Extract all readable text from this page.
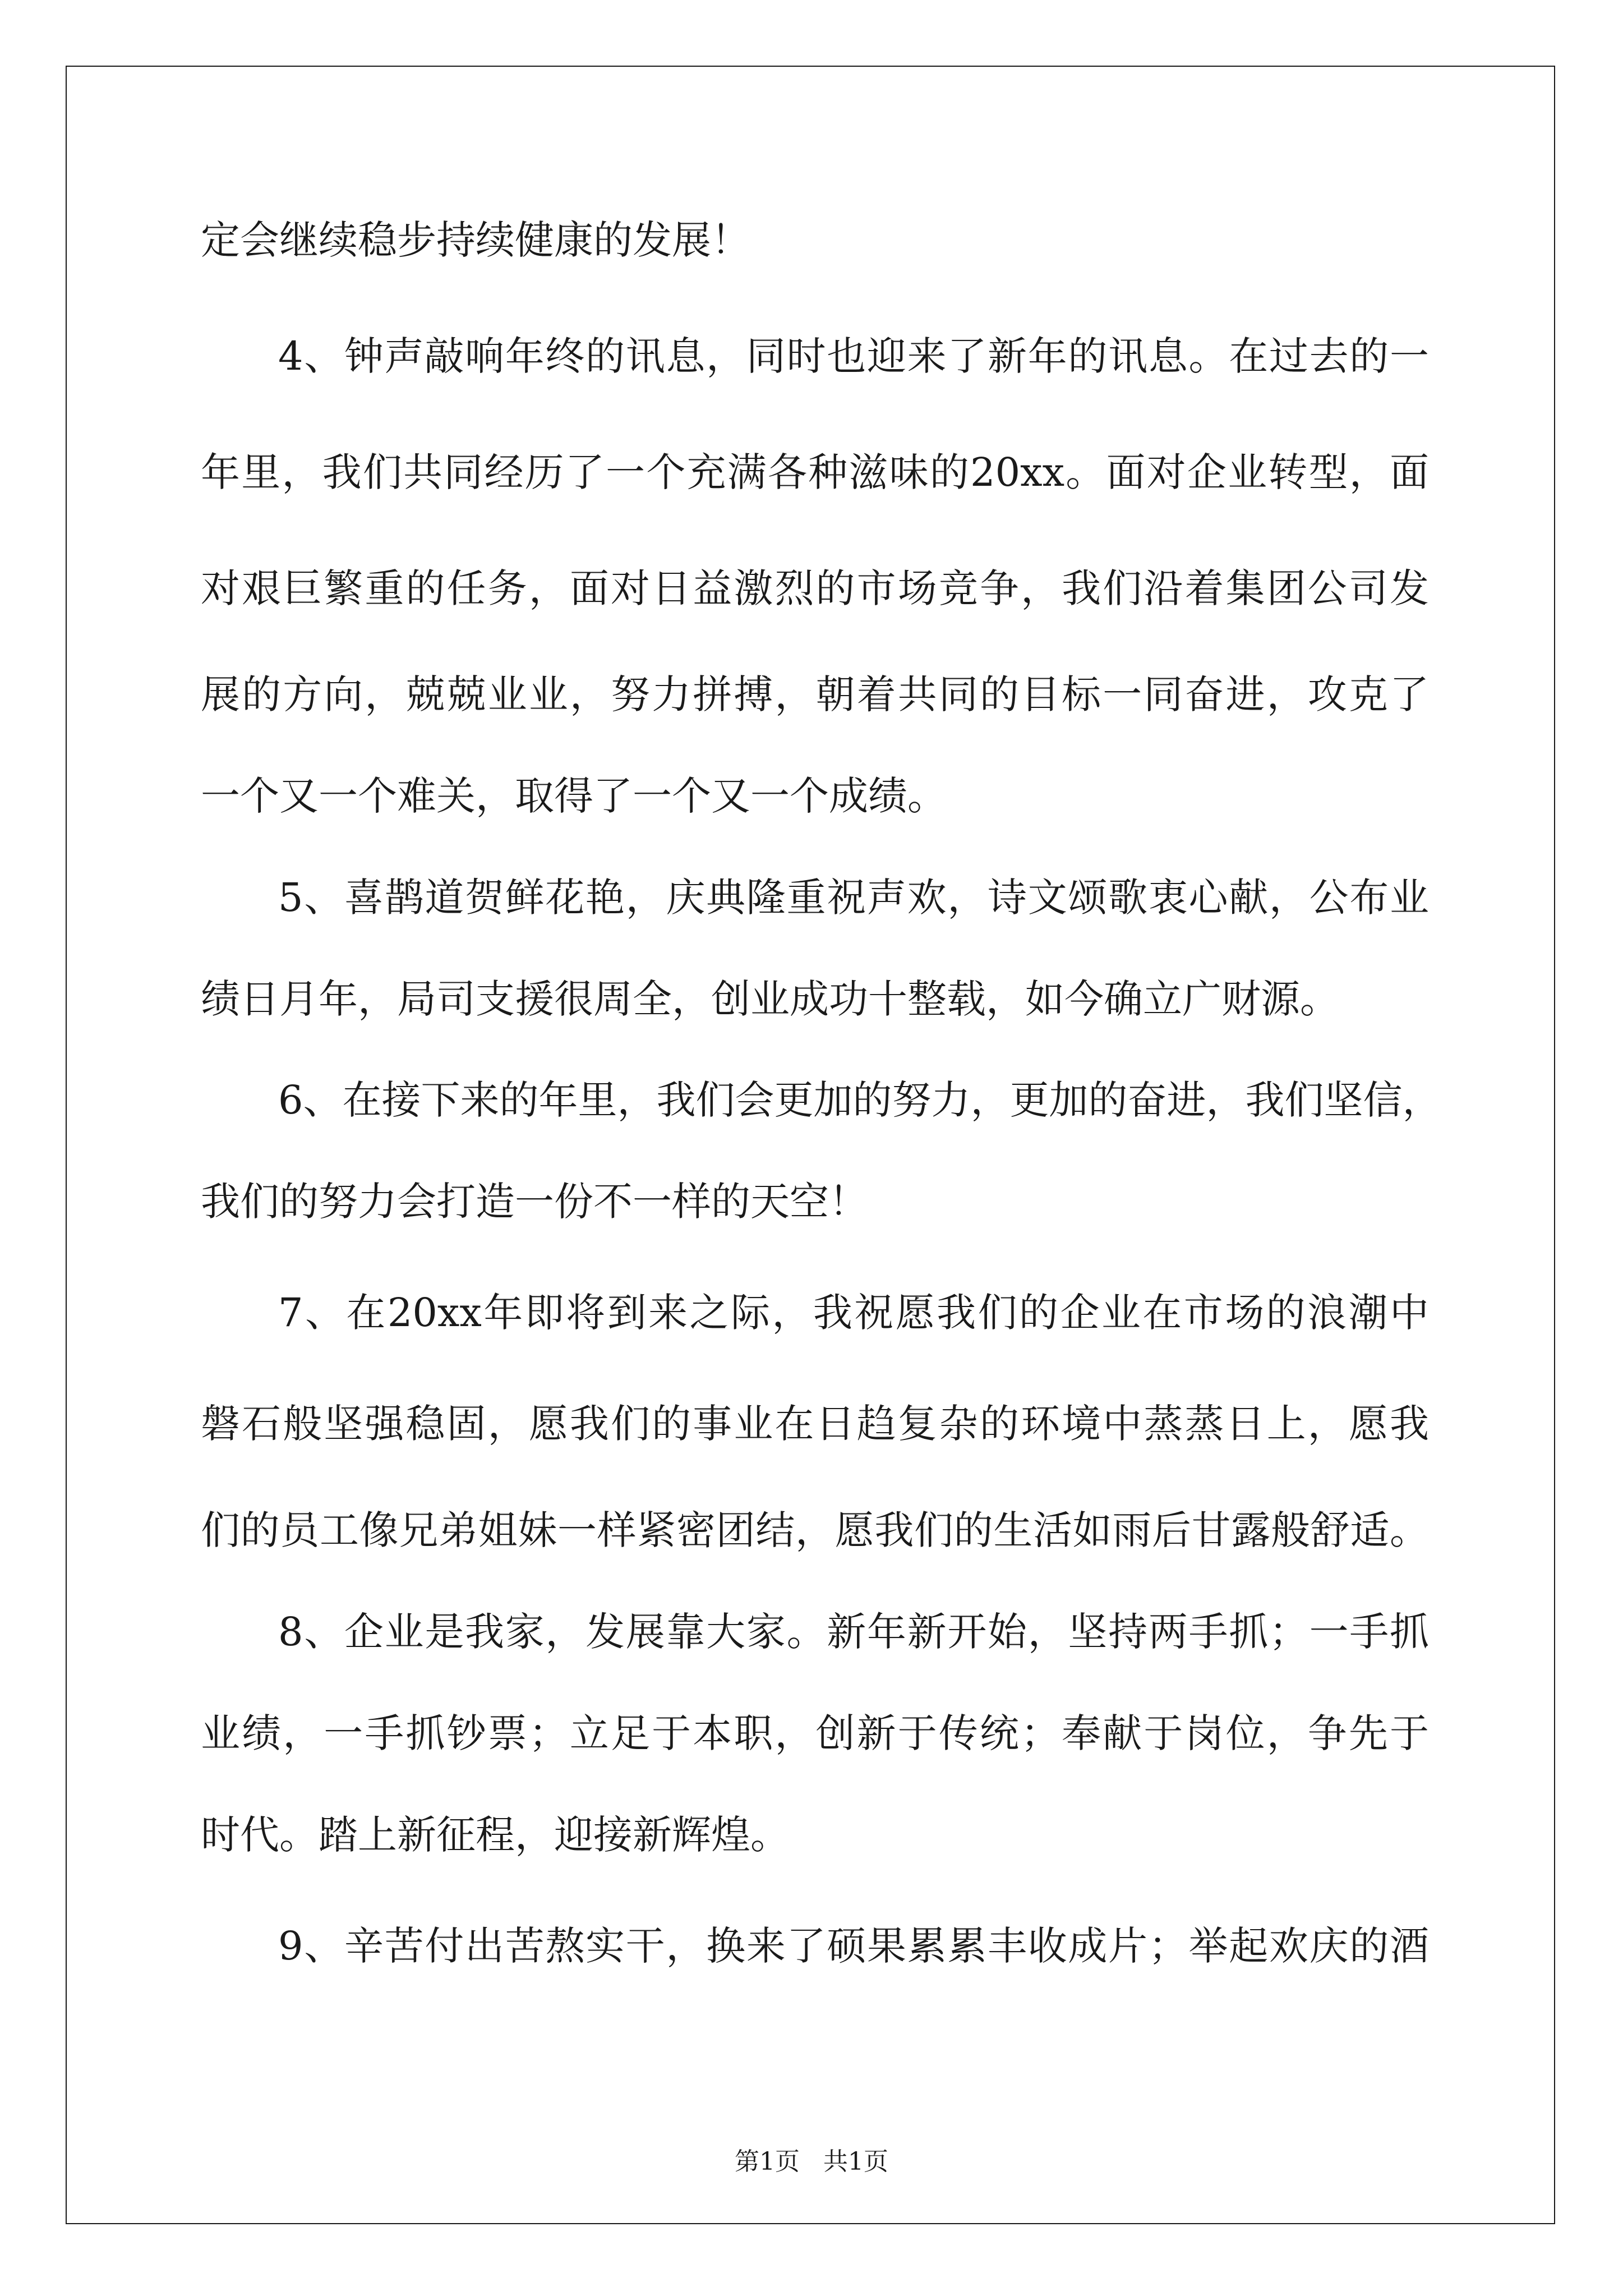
定会继续稳步持续健康的发展！
4、钟声敲响年终的讯息，同时也迎来了新年的讯息。在过去的一
年里，我们共同经历了一个充满各种滋味的20xx。面对企业转型，面
对艰巨繁重的任务，面对日益激烈的市场竞争，我们沿着集团公司发
展的方向，兢兢业业，努力拼搏，朝着共同的目标一同奋进，攻克了
一个又一个难关，取得了一个又一个成绩。
5、喜鹊道贺鲜花艳，庆典隆重祝声欢，诗文颂歌衷心献，公布业
绩日月年，局司支援很周全，创业成功十整载，如今确立广财源。
6、在接下来的年里，我们会更加的努力，更加的奋进，我们坚信，
我们的努力会打造一份不一样的天空！
7、在20xx年即将到来之际，我祝愿我们的企业在市场的浪潮中
磐石般坚强稳固，愿我们的事业在日趋复杂的环境中蒸蒸日上，愿我
们的员工像兄弟姐妹一样紧密团结，愿我们的生活如雨后甘露般舒适。
8、企业是我家，发展靠大家。新年新开始，坚持两手抓；一手抓
业绩，一手抓钞票；立足于本职，创新于传统；奉献于岗位，争先于
时代。踏上新征程，迎接新辉煌。
9、辛苦付出苦熬实干，换来了硕果累累丰收成片；举起欢庆的酒
第1页   共1页
